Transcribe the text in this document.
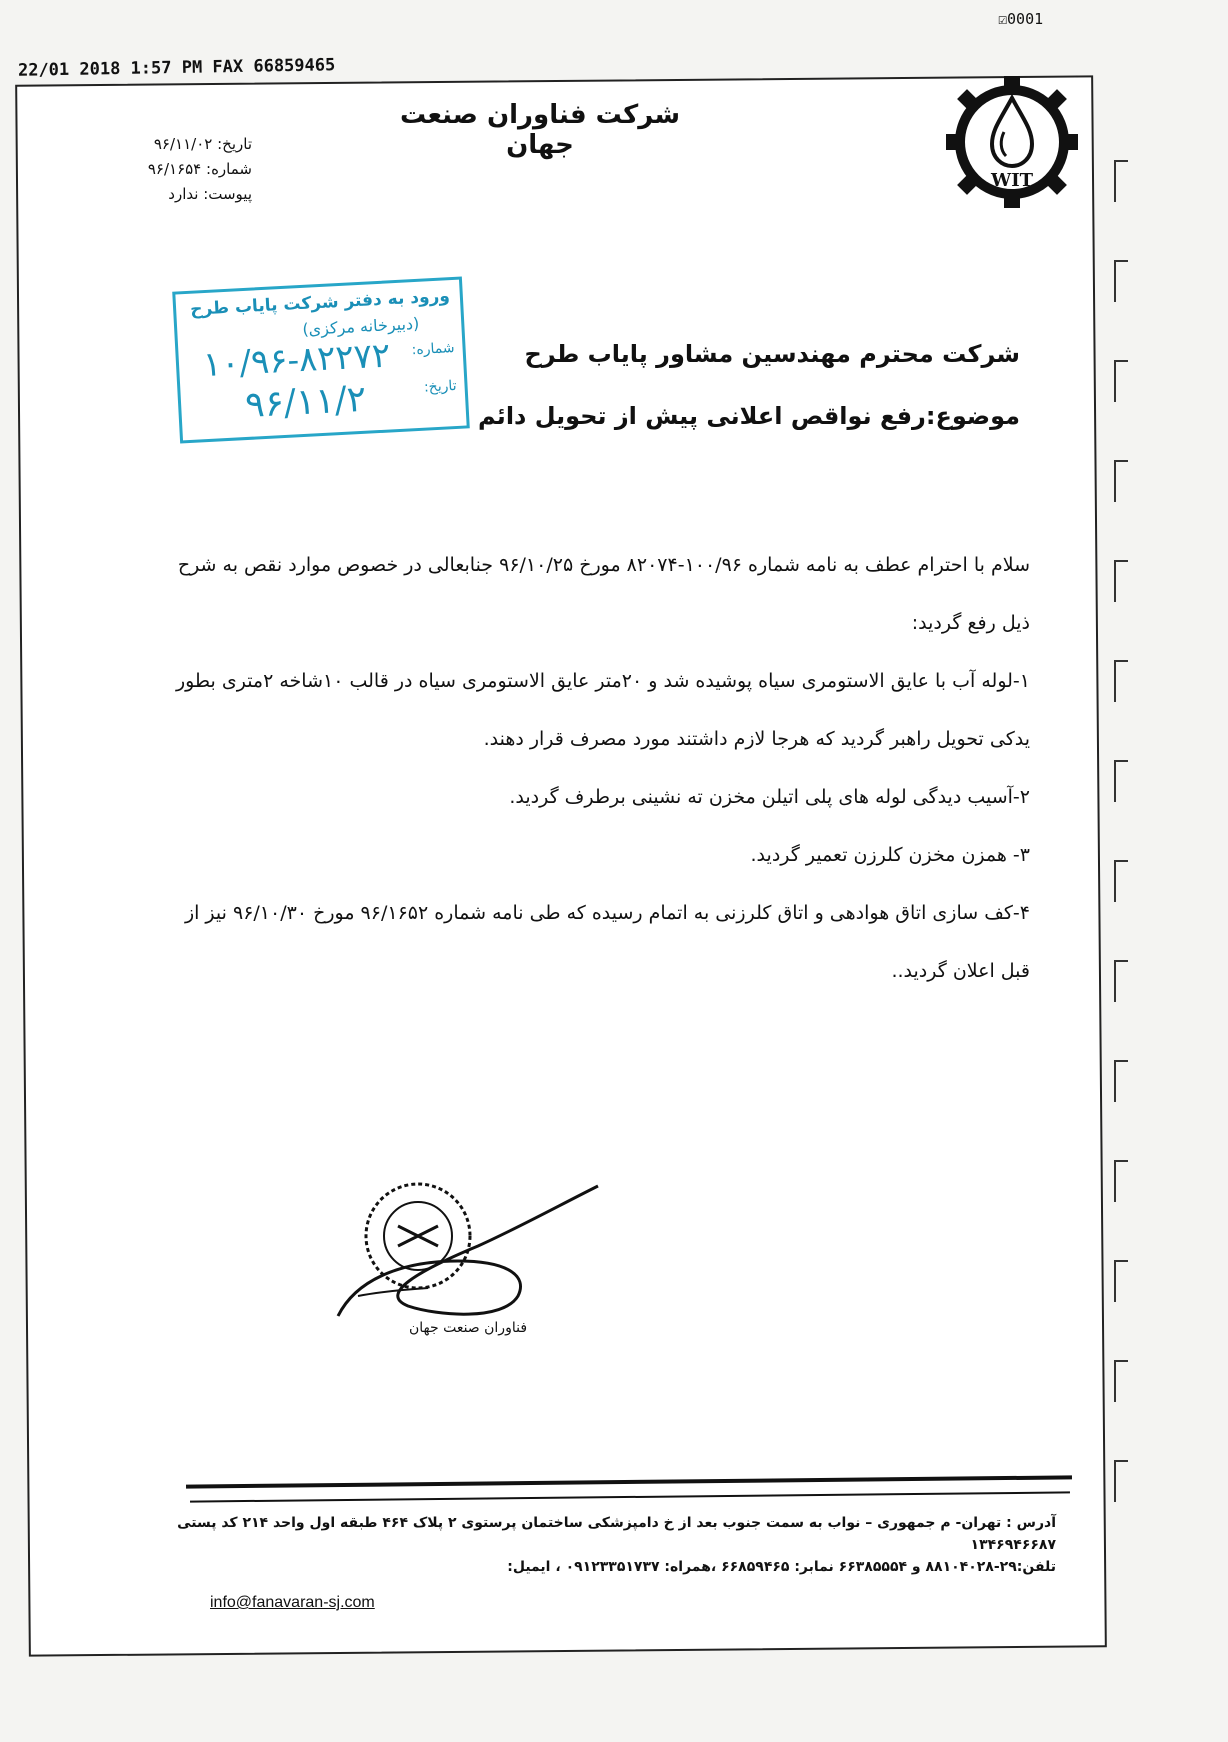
☑0001
22/01 2018 1:57 PM FAX 66859465
WIT
شرکت فناوران صنعت جهان
تاریخ: ۹۶/۱۱/۰۲
شماره: ۹۶/۱۶۵۴
پیوست: ندارد
ورود به دفتر شرکت پایاب طرح
(دبیرخانه مرکزی)
شماره:
۱۰/۹۶-۸۲۲۷۲
تاریخ:
۹۶/۱۱/۲
شرکت محترم مهندسین مشاور پایاب طرح
موضوع:رفع نواقص اعلانی پیش از تحویل دائم

سلام با احترام عطف به نامه شماره ۱۰۰/۹۶-۸۲۰۷۴ مورخ ۹۶/۱۰/۲۵ جنابعالی در خصوص موارد نقص به شرح ذیل رفع گردید:

۱-لوله آب با عایق الاستومری سیاه پوشیده شد و ۲۰متر عایق الاستومری سیاه در قالب ۱۰شاخه ۲متری بطور یدکی تحویل راهبر گردید که هرجا لازم داشتند مورد مصرف قرار دهند.

۲-آسیب دیدگی لوله های پلی اتیلن مخزن ته نشینی برطرف گردید.

۳- همزن مخزن کلرزن تعمیر گردید.

۴-کف سازی اتاق هوادهی و اتاق کلرزنی به اتمام رسیده که طی نامه شماره ۹۶/۱۶۵۲ مورخ ۹۶/۱۰/۳۰ نیز از قبل اعلان گردید..

فناوران صنعت جهان
آدرس : تهران- م جمهوری – نواب به سمت جنوب بعد از خ دامپزشکی ساختمان پرستوی ۲ پلاک ۴۶۴ طبقه اول واحد ۲۱۴ کد پستی ۱۳۴۶۹۴۶۶۸۷
تلفن:۲۹-۸۸۱۰۴۰۲۸ و ۶۶۳۸۵۵۵۴ نمابر: ۶۶۸۵۹۴۶۵ ،همراه: ۰۹۱۲۳۳۵۱۷۳۷ ، ایمیل:
info@fanavaran-sj.com
